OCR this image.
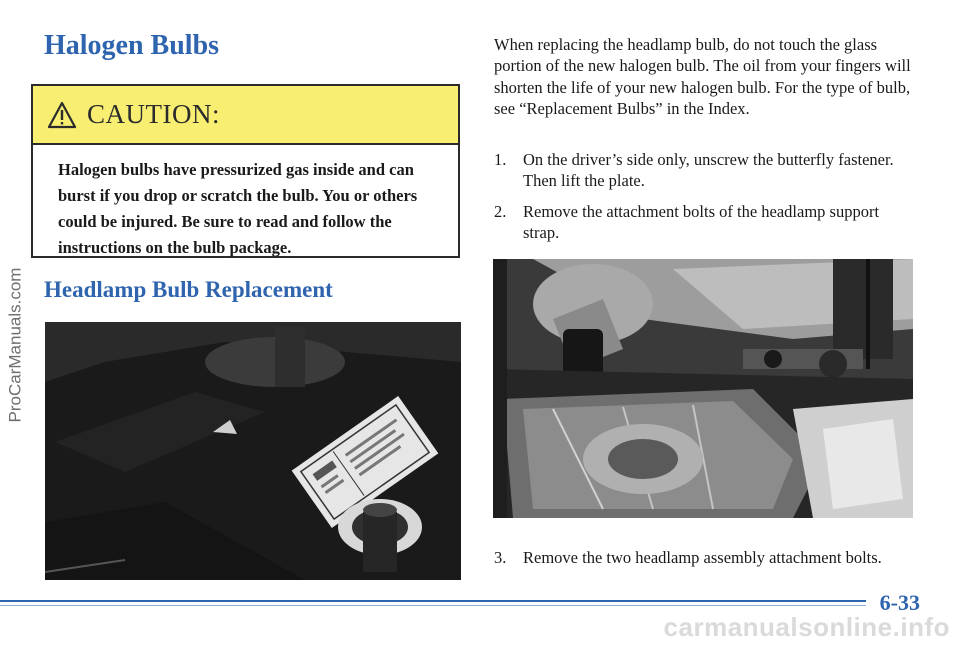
ProCarManuals.com
Halogen Bulbs
CAUTION:

Halogen bulbs have pressurized gas inside and can burst if you drop or scratch the bulb. You or others could be injured. Be sure to read and follow the instructions on the bulb package.

Headlamp Bulb Replacement

When replacing the headlamp bulb, do not touch the glass portion of the new halogen bulb. The oil from your fingers will shorten the life of your new halogen bulb. For the type of bulb, see “Replacement Bulbs” in the Index.

1.	On the driver’s side only, unscrew the butterfly fastener. Then lift the plate.
2.	Remove the attachment bolts of the headlamp support strap.
3.	Remove the two headlamp assembly attachment bolts.
6-33
carmanualsonline.info
